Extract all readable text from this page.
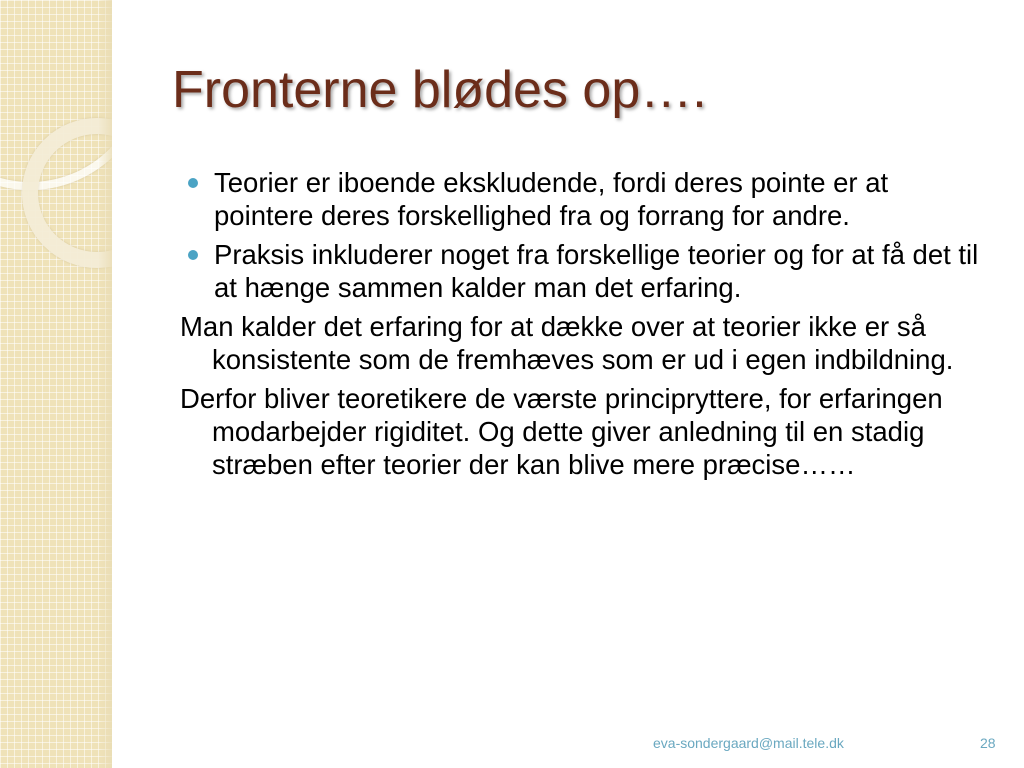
Fronterne blødes op….
Teorier er iboende ekskludende, fordi deres pointe er at pointere deres forskellighed fra og forrang for andre.
Praksis inkluderer noget fra forskellige teorier og for at få det til at hænge sammen kalder man det erfaring.
Man kalder det erfaring for at dække over at teorier ikke er så konsistente som de fremhæves som er ud i egen indbildning.
Derfor bliver teoretikere de værste principryttere, for erfaringen modarbejder rigiditet. Og dette giver anledning til en stadig stræben efter teorier der kan blive mere præcise……
eva-sondergaard@mail.tele.dk	28
